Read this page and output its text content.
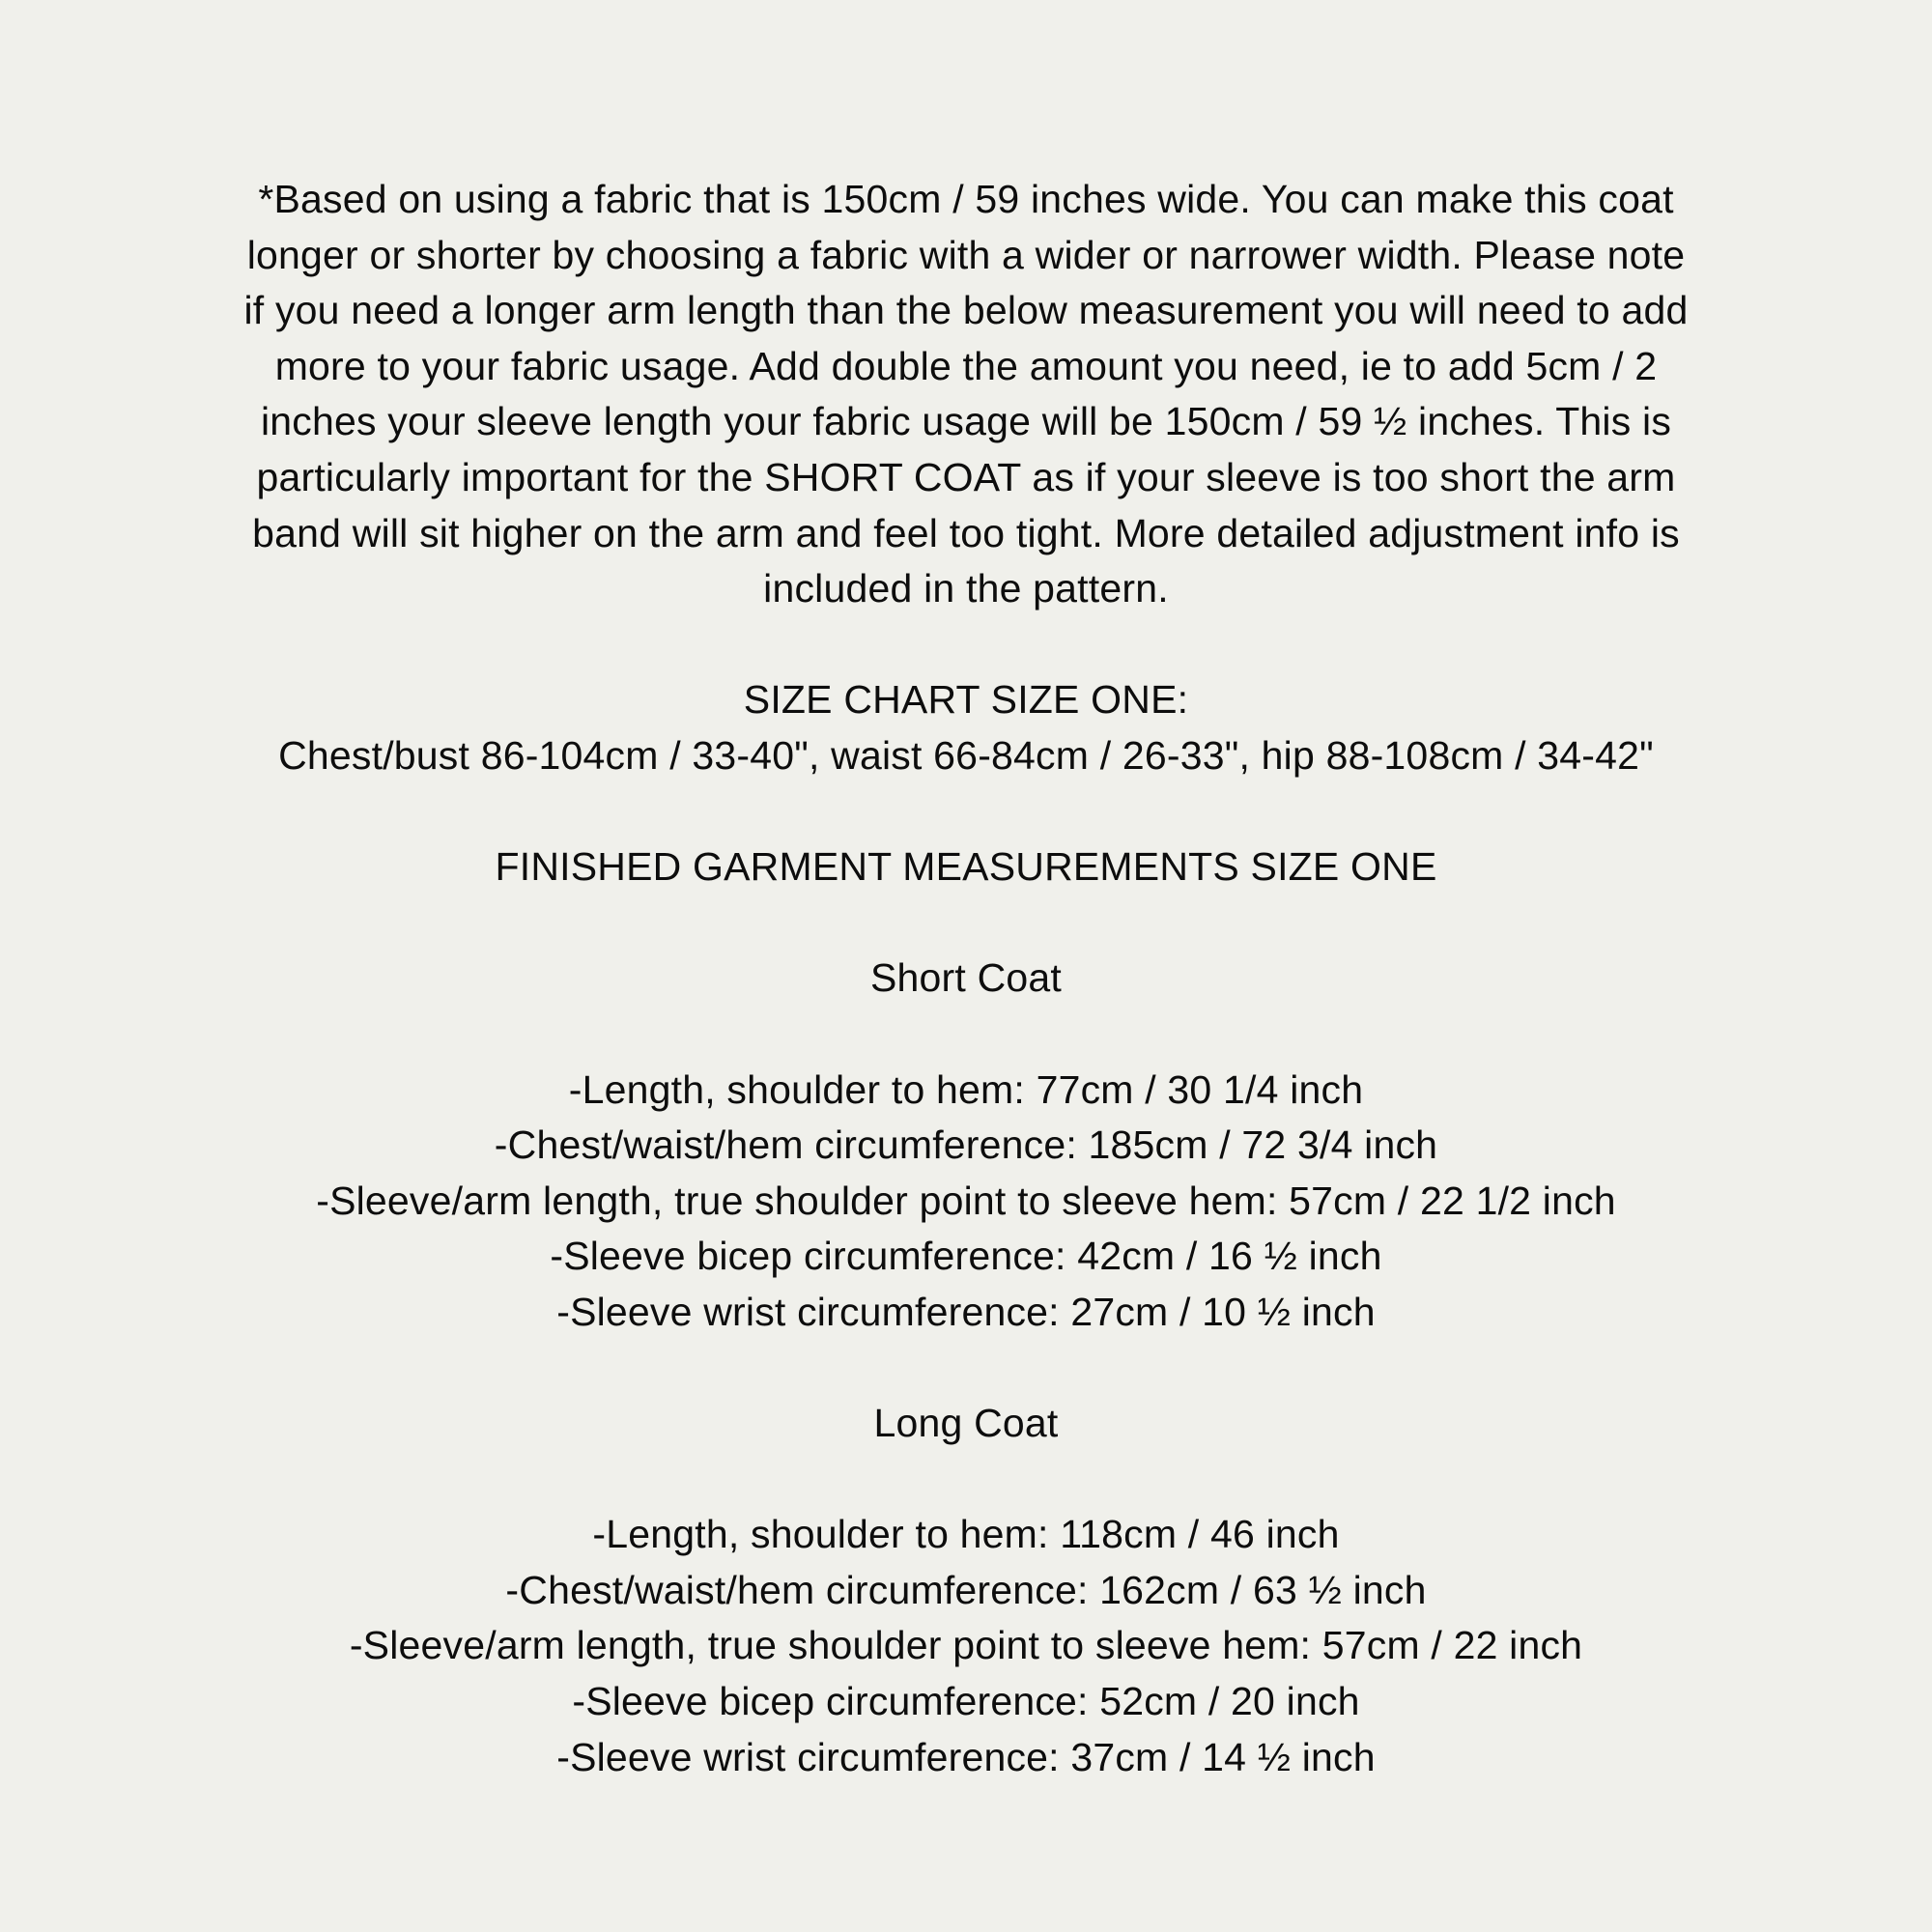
*Based on using a fabric that is 150cm / 59 inches wide. You can make this coat
longer or shorter by choosing a fabric with a wider or narrower width. Please note
if you need a longer arm length than the below measurement you will need to add
more to your fabric usage. Add double the amount you need, ie to add 5cm / 2
inches your sleeve length your fabric usage will be 150cm / 59 ½ inches. This is
particularly important for the SHORT COAT as if your sleeve is too short the arm
band will sit higher on the arm and feel too tight. More detailed adjustment info is
included in the pattern.
SIZE CHART SIZE ONE:
Chest/bust 86-104cm / 33-40", waist 66-84cm / 26-33", hip 88-108cm / 34-42"
FINISHED GARMENT MEASUREMENTS SIZE ONE
Short Coat
-Length, shoulder to hem: 77cm / 30 1/4 inch
-Chest/waist/hem circumference: 185cm / 72 3/4 inch
-Sleeve/arm length, true shoulder point to sleeve hem: 57cm / 22 1/2 inch
-Sleeve bicep circumference: 42cm / 16 ½ inch
-Sleeve wrist circumference: 27cm / 10 ½ inch
Long Coat
-Length, shoulder to hem: 118cm / 46 inch
-Chest/waist/hem circumference: 162cm / 63 ½ inch
-Sleeve/arm length, true shoulder point to sleeve hem: 57cm / 22 inch
-Sleeve bicep circumference: 52cm / 20 inch
-Sleeve wrist circumference: 37cm / 14 ½ inch
